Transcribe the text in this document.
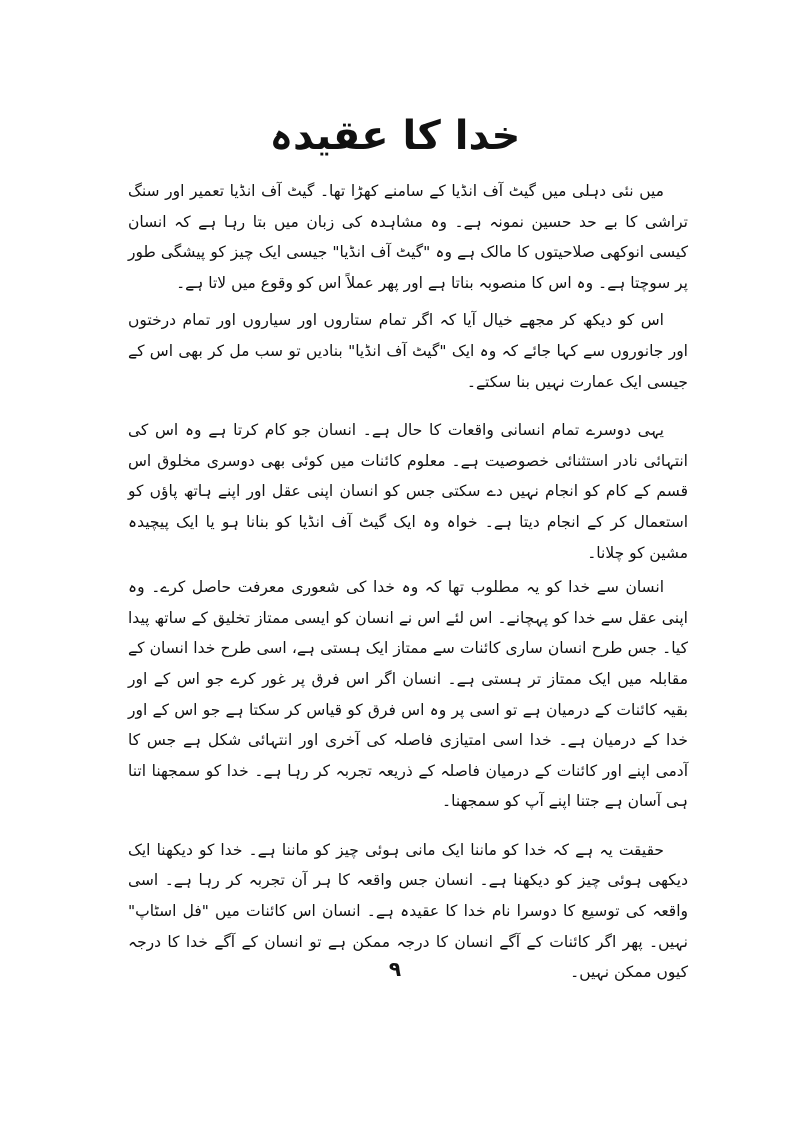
خدا کا عقیدہ

میں نئی دہلی میں گیٹ آف انڈیا کے سامنے کھڑا تھا۔ گیٹ آف انڈیا تعمیر اور سنگ تراشی کا بے حد حسین نمونہ ہے۔ وہ مشاہدہ کی زبان میں بتا رہا ہے کہ انسان کیسی انوکھی صلاحیتوں کا مالک ہے وہ "گیٹ آف انڈیا" جیسی ایک چیز کو پیشگی طور پر سوچتا ہے۔ وہ اس کا منصوبہ بناتا ہے اور پھر عملاً اس کو وقوع میں لاتا ہے۔

اس کو دیکھ کر مجھے خیال آیا کہ اگر تمام ستاروں اور سیاروں اور تمام درختوں اور جانوروں سے کہا جائے کہ وہ ایک "گیٹ آف انڈیا" بنادیں تو سب مل کر بھی اس کے جیسی ایک عمارت نہیں بنا سکتے۔

یہی دوسرے تمام انسانی واقعات کا حال ہے۔ انسان جو کام کرتا ہے وہ اس کی انتہائی نادر استثنائی خصوصیت ہے۔ معلوم کائنات میں کوئی بھی دوسری مخلوق اس قسم کے کام کو انجام نہیں دے سکتی جس کو انسان اپنی عقل اور اپنے ہاتھ پاؤں کو استعمال کر کے انجام دیتا ہے۔ خواہ وہ ایک گیٹ آف انڈیا کو بنانا ہو یا ایک پیچیدہ مشین کو چلانا۔

انسان سے خدا کو یہ مطلوب تھا کہ وہ خدا کی شعوری معرفت حاصل کرے۔ وہ اپنی عقل سے خدا کو پہچانے۔ اس لئے اس نے انسان کو ایسی ممتاز تخلیق کے ساتھ پیدا کیا۔ جس طرح انسان ساری کائنات سے ممتاز ایک ہستی ہے، اسی طرح خدا انسان کے مقابلہ میں ایک ممتاز تر ہستی ہے۔ انسان اگر اس فرق پر غور کرے جو اس کے اور بقیہ کائنات کے درمیان ہے تو اسی پر وہ اس فرق کو قیاس کر سکتا ہے جو اس کے اور خدا کے درمیان ہے۔ خدا اسی امتیازی فاصلہ کی آخری اور انتہائی شکل ہے جس کا آدمی اپنے اور کائنات کے درمیان فاصلہ کے ذریعہ تجربہ کر رہا ہے۔ خدا کو سمجھنا اتنا ہی آسان ہے جتنا اپنے آپ کو سمجھنا۔

حقیقت یہ ہے کہ خدا کو ماننا ایک مانی ہوئی چیز کو ماننا ہے۔ خدا کو دیکھنا ایک دیکھی ہوئی چیز کو دیکھنا ہے۔ انسان جس واقعہ کا ہر آن تجربہ کر رہا ہے۔ اسی واقعہ کی توسیع کا دوسرا نام خدا کا عقیدہ ہے۔ انسان اس کائنات میں "فل اسٹاپ" نہیں۔ پھر اگر کائنات کے آگے انسان کا درجہ ممکن ہے تو انسان کے آگے خدا کا درجہ کیوں ممکن نہیں۔

۹
